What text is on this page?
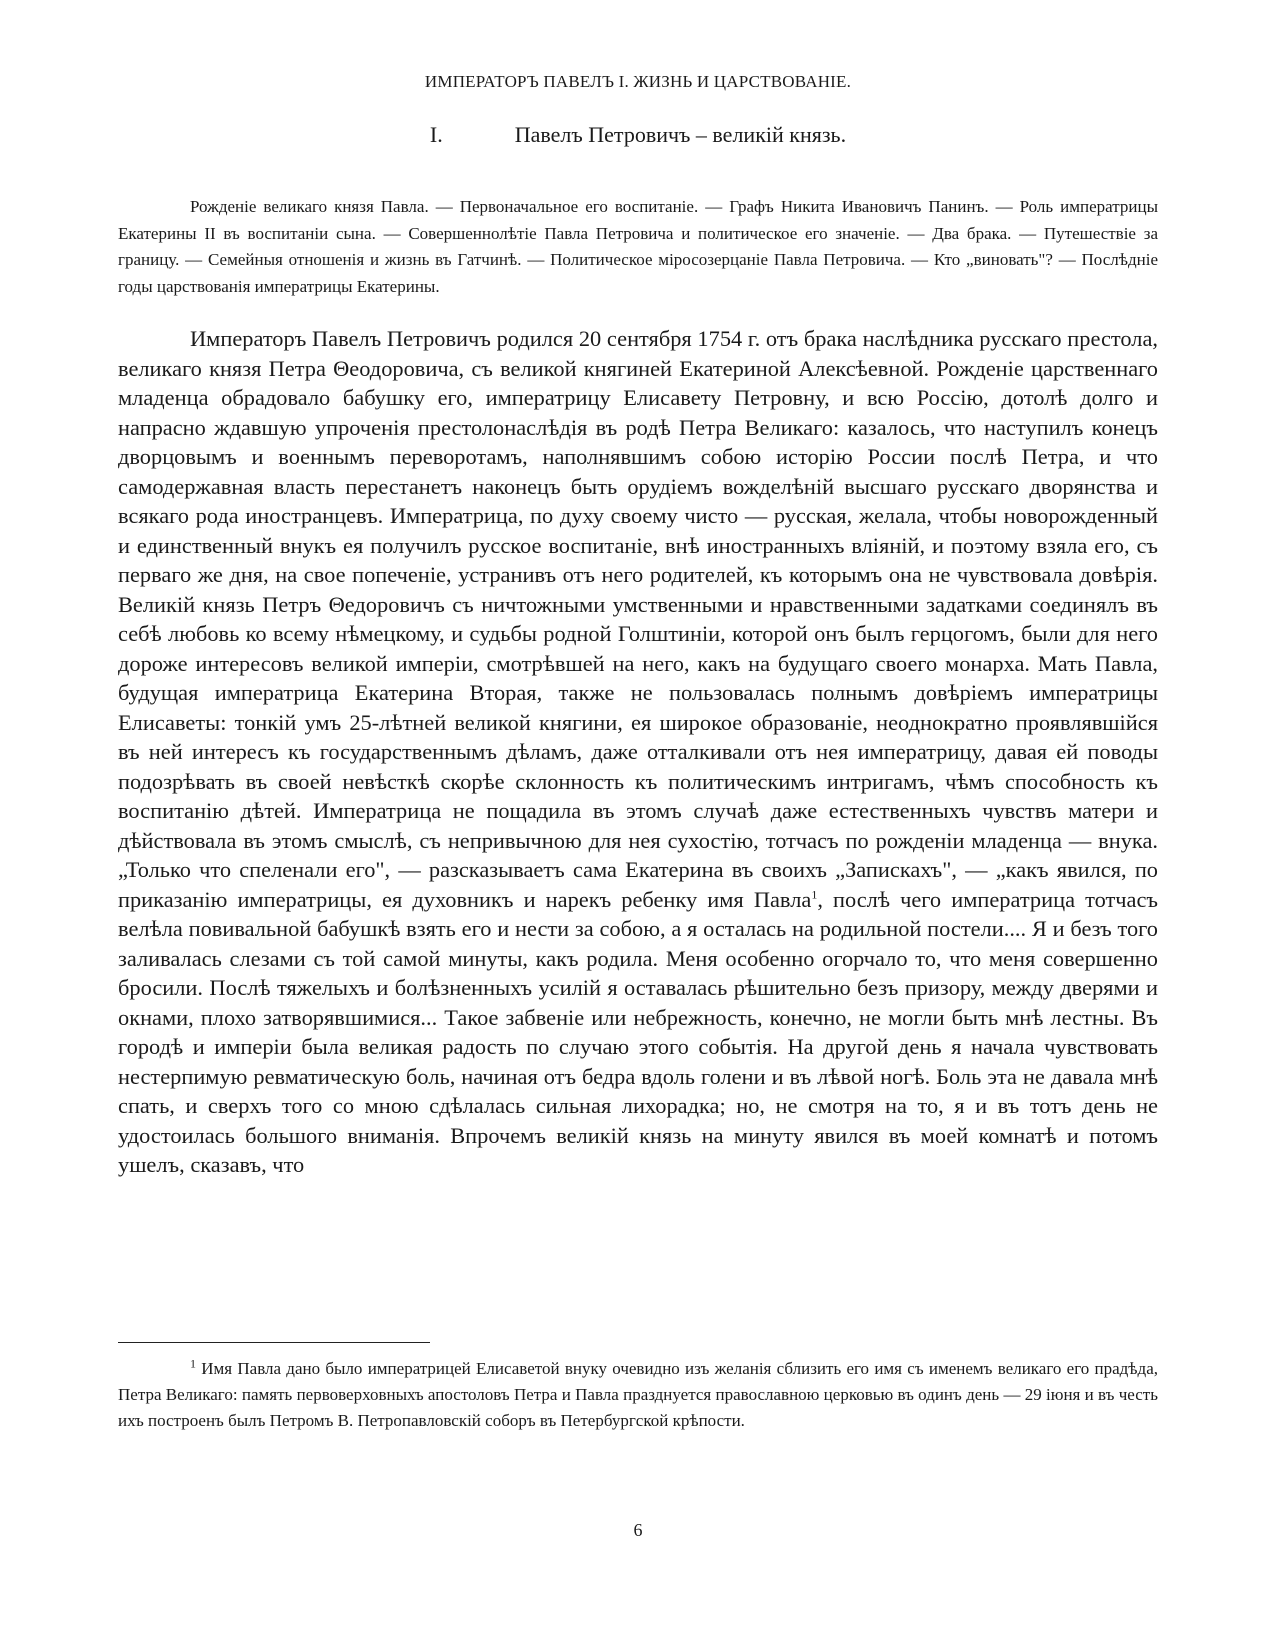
ИМПЕРАТОРЪ ПАВЕЛЪ I. ЖИЗНЬ И ЦАРСТВОВАНIЕ.
I.	Павелъ Петровичъ – великiй князь.

Рожденiе великаго князя Павла. — Первоначальное его воспитанiе. — Графъ Никита Ивановичъ Панинъ. — Роль императрицы Екатерины II въ воспитанiи сына. — Совершеннолѣтiе Павла Петровича и политическое его значенiе. — Два брака. — Путешествiе за границу. — Семейныя отношенiя и жизнь въ Гатчинѣ. — Политическое мiросозерцанiе Павла Петровича. — Кто „виновать"? — Послѣднiе годы царствованiя императрицы Екатерины.

Императоръ Павелъ Петровичъ родился 20 сентября 1754 г. отъ брака наслѣдника русскаго престола, великаго князя Петра Θеодоровича, съ великой княгиней Екатериной Алексѣевной. Рожденiе царственнаго младенца обрадовало бабушку его, императрицу Елисавету Петровну, и всю Россiю, дотолѣ долго и напрасно ждавшую упроченiя престолонаслѣдiя въ родѣ Петра Великаго: казалось, что наступилъ конецъ дворцовымъ и военнымъ переворотамъ, наполнявшимъ собою исторiю России послѣ Петра, и что самодержавная власть перестанетъ наконецъ быть орудiемъ вожделѣнiй высшаго русскаго дворянства и всякаго рода иностранцевъ. Императрица, по духу своему чисто — русская, желала, чтобы новорожденный и единственный внукъ ея получилъ русское воспитанiе, внѣ иностранныхъ влiянiй, и поэтому взяла его, съ перваго же дня, на свое попеченiе, устранивъ отъ него родителей, къ которымъ она не чувствовала довѣрiя. Великiй князь Петръ Θедоровичъ съ ничтожными умственными и нравственными задатками соединялъ въ себѣ любовь ко всему нѣмецкому, и судьбы родной Голштинiи, которой онъ былъ герцогомъ, были для него дороже интересовъ великой имперiи, смотрѣвшей на него, какъ на будущаго своего монарха. Мать Павла, будущая императрица Екатерина Вторая, также не пользовалась полнымъ довѣрiемъ императрицы Елисаветы: тонкiй умъ 25-лѣтней великой княгини, ея широкое образованiе, неоднократно проявлявшiйся въ ней интересъ къ государственнымъ дѣламъ, даже отталкивали отъ нея императрицу, давая ей поводы подозрѣвать въ своей невѣсткѣ скорѣе склонность къ политическимъ интригамъ, чѣмъ способность къ воспитанiю дѣтей. Императрица не пощадила въ этомъ случаѣ даже естественныхъ чувствъ матери и дѣйствовала въ этомъ смыслѣ, съ непривычною для нея сухостiю, тотчасъ по рожденiи младенца — внука. „Только что спеленали его", — разсказываетъ сама Екатерина въ своихъ „Запискахъ", — „какъ явился, по приказанiю императрицы, ея духовникъ и нарекъ ребенку имя Павла$^1$, послѣ чего императрица тотчасъ велѣла повивальной бабушкѣ взять его и нести за собою, а я осталась на родильной постели.... Я и безъ того заливалась слезами съ той самой минуты, какъ родила. Меня особенно огорчало то, что меня совершенно бросили. Послѣ тяжелыхъ и болѣзненныхъ усилiй я оставалась рѣшительно безъ призору, между дверями и окнами, плохо затворявшимися... Такое забвенiе или небрежность, конечно, не могли быть мнѣ лестны. Въ городѣ и имперiи была великая радость по случаю этого событiя. На другой день я начала чувствовать нестерпимую ревматическую боль, начиная отъ бедра вдоль голени и въ лѣвой ногѣ. Боль эта не давала мнѣ спать, и сверхъ того со мною сдѣлалась сильная лихорадка; но, не смотря на то, я и въ тотъ день не удостоилась большого вниманiя. Впрочемъ великiй князь на минуту явился въ моей комнатѣ и потомъ ушелъ, сказавъ, что

$^1$ Имя Павла дано было императрицей Елисаветой внуку очевидно изъ желанiя сблизить его имя съ именемъ великаго его прадѣда, Петра Великаго: память первоверховныхъ апостоловъ Петра и Павла празднуется православною церковью въ одинъ день — 29 iюня и въ честь ихъ построенъ былъ Петромъ В. Петропавловскiй соборъ въ Петербургской крѣпости.

6
